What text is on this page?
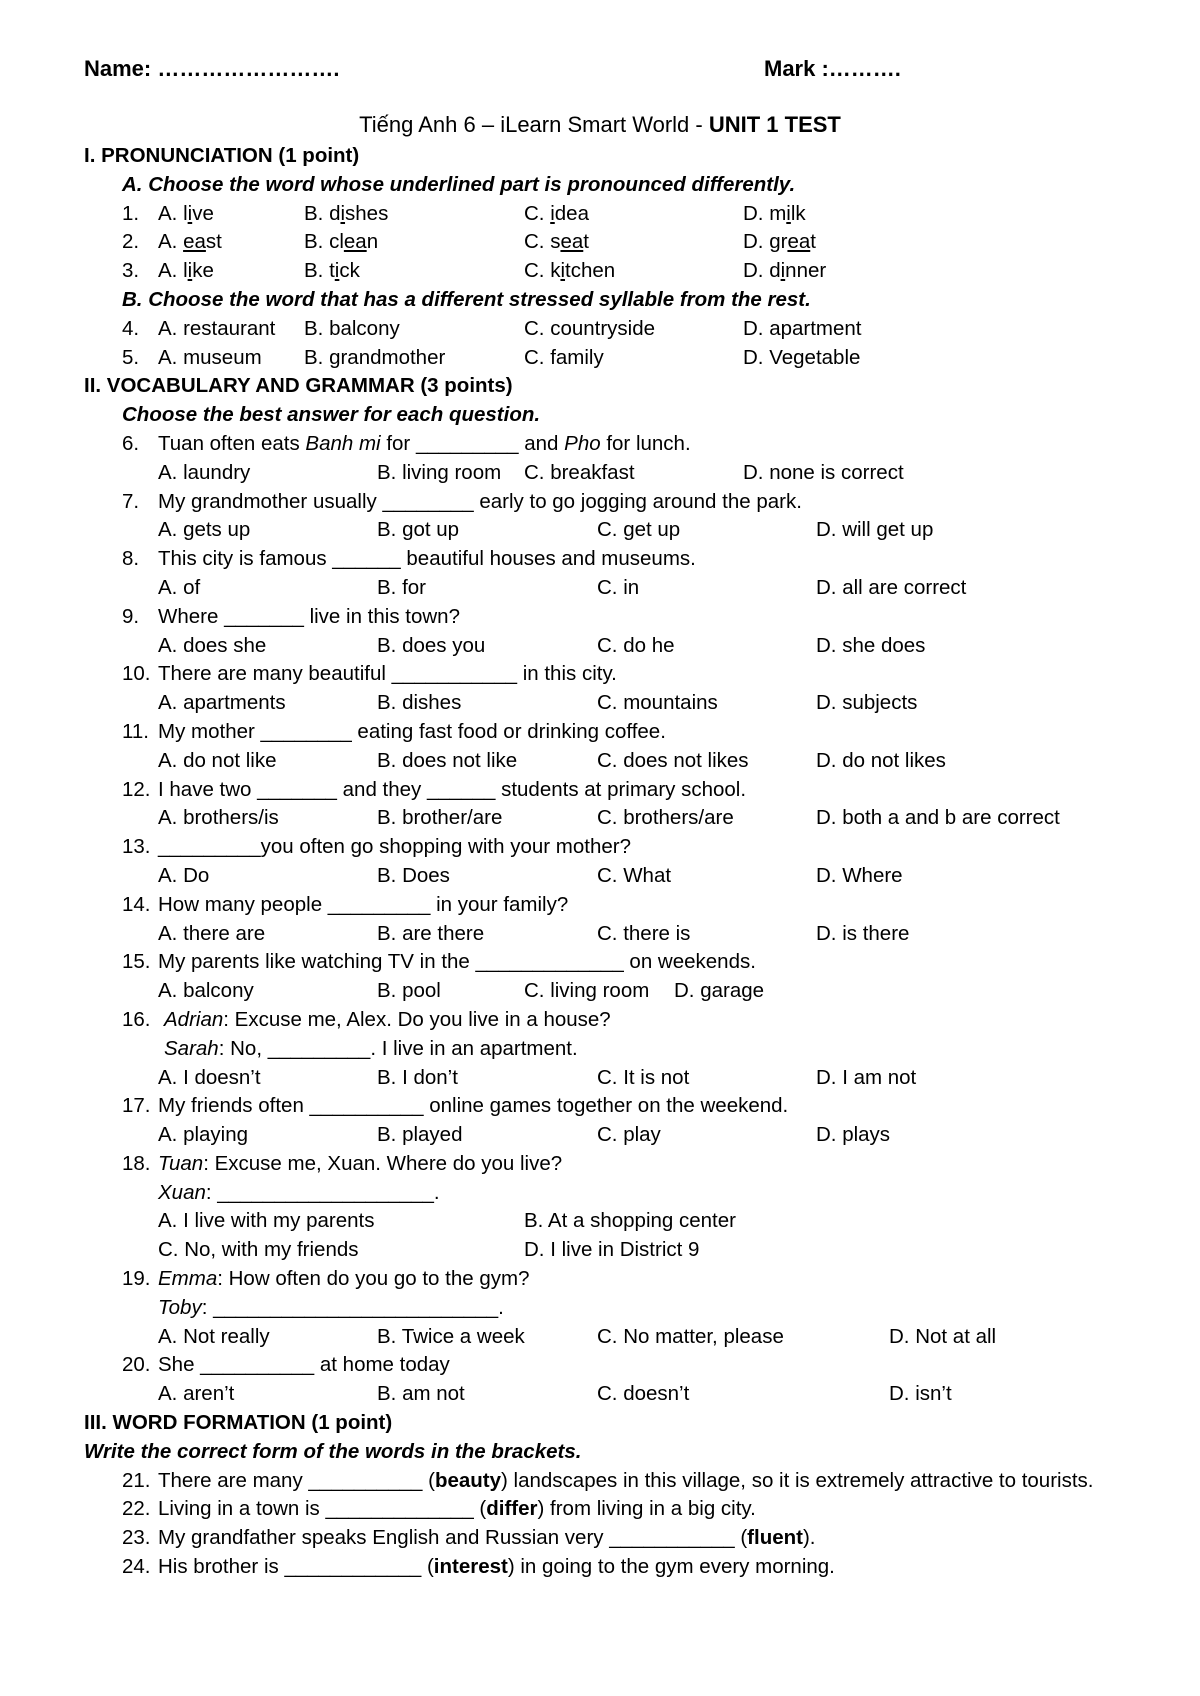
Name: …………………….	Mark :……….
Tiếng Anh 6 – iLearn Smart World - UNIT 1 TEST
I. PRONUNCIATION (1 point)
A. Choose the word whose underlined part is pronounced differently.
1. A. live	B. dishes	C. idea	D. milk
2. A. east	B. clean	C. seat	D. great
3. A. like	B. tick	C. kitchen	D. dinner
B. Choose the word that has a different stressed syllable from the rest.
4. A. restaurant B. balcony	C. countryside	D. apartment
5. A. museum B. grandmother	C. family	D. Vegetable
II. VOCABULARY AND GRAMMAR (3 points)
Choose the best answer for each question.
6. Tuan often eats Banh mi for _________ and Pho for lunch.
A. laundry	B. living room C. breakfast	D. none is correct
7. My grandmother usually ________ early to go jogging around the park.
A. gets up	B. got up	C. get up	D. will get up
8. This city is famous ______ beautiful houses and museums.
A. of	B. for	C. in	D. all are correct
9. Where _______ live in this town?
A. does she	B. does you	C. do he	D. she does
10. There are many beautiful ___________ in this city.
A. apartments	B. dishes	C. mountains	D. subjects
11. My mother ________ eating fast food or drinking coffee.
A. do not like	B. does not like	C. does not likes	D. do not likes
12. I have two _______ and they ______ students at primary school.
A. brothers/is	B. brother/are	C. brothers/are	D. both a and b are correct
13. _________you often go shopping with your mother?
A. Do	B. Does	C. What	D. Where
14. How many people _________ in your family?
A. there are	B. are there	C. there is	D. is there
15. My parents like watching TV in the _____________ on weekends.
A. balcony	B. pool	C. living room D. garage
16. Adrian: Excuse me, Alex. Do you live in a house?
Sarah: No, _________. I live in an apartment.
A. I doesn’t	B. I don’t	C. It is not	D. I am not
17. My friends often __________ online games together on the weekend.
A. playing	B. played	C. play	D. plays
18. Tuan: Excuse me, Xuan. Where do you live?
Xuan: ___________________.
A. I live with my parents	B. At a shopping center
C. No, with my friends	D. I live in District 9
19. Emma: How often do you go to the gym?
Toby: _________________________.
A. Not really	B. Twice a week	C. No matter, please	D. Not at all
20. She __________ at home today
A. aren’t	B. am not	C. doesn’t	D. isn’t
III. WORD FORMATION (1 point)
Write the correct form of the words in the brackets.
21. There are many __________ (beauty) landscapes in this village, so it is extremely attractive to tourists.
22. Living in a town is _____________ (differ) from living in a big city.
23. My grandfather speaks English and Russian very ___________ (fluent).
24. His brother is ____________ (interest) in going to the gym every morning.
